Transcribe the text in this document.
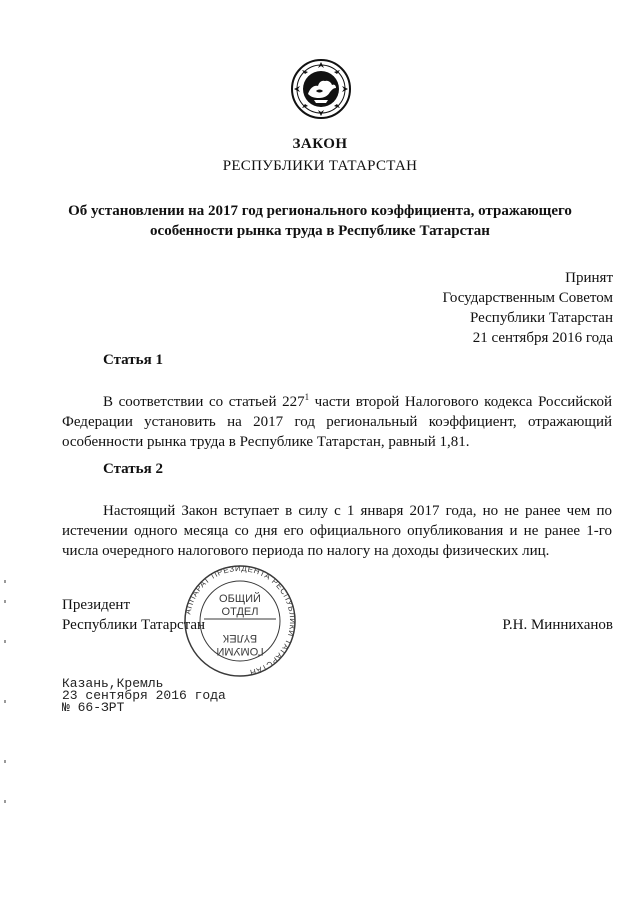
ЗАКОН
РЕСПУБЛИКИ ТАТАРСТАН
Об установлении на 2017 год регионального коэффициента, отражающего
особенности рынка труда в Республике Татарстан
Принят
Государственным Советом
Республики Татарстан
21 сентября 2016 года
Статья 1
В соответствии со статьей $227^1$ части второй Налогового кодекса Российской
Федерации установить на 2017 год региональный коэффициент, отражающий
особенности рынка труда в Республике Татарстан, равный 1,81.
Статья 2
Настоящий Закон вступает в силу с 1 января 2017 года, но не ранее чем по
истечении одного месяца со дня его официального опубликования и не ранее 1-го
числа очередного налогового периода по налогу на доходы физических лиц.
Президент
Республики Татарстан	Р.Н. Минниханов
АППАРАТ ПРЕЗИДЕНТА РЕСПУБЛИКИ ТАТАРСТАН
ОБЩИЙ
ОТДЕЛ
БҮЛЕК
ГОМУМИ
Казань,Кремль
23 сентября 2016 года
№ 66-ЗРТ
